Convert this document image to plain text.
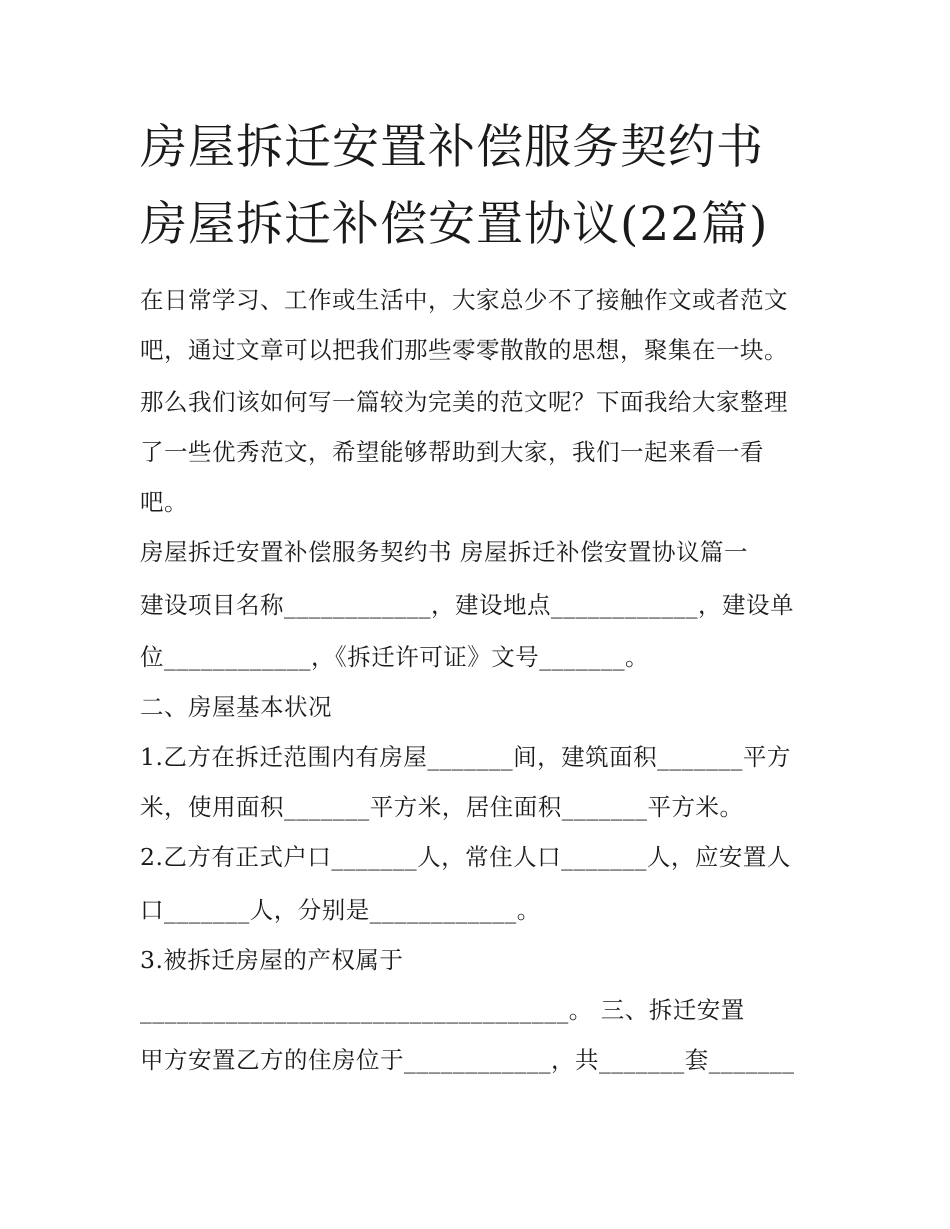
房屋拆迁安置补偿服务契约书
房屋拆迁补偿安置协议(22篇)
在日常学习、工作或生活中，大家总少不了接触作文或者范文
吧，通过文章可以把我们那些零零散散的思想，聚集在一块。
那么我们该如何写一篇较为完美的范文呢？下面我给大家整理
了一些优秀范文，希望能够帮助到大家，我们一起来看一看
吧。
房屋拆迁安置补偿服务契约书 房屋拆迁补偿安置协议篇一
建设项目名称____________，建设地点____________，建设单
位____________，《拆迁许可证》文号_______。
二、房屋基本状况
1.乙方在拆迁范围内有房屋_______间，建筑面积_______平方
米，使用面积_______平方米，居住面积_______平方米。
2.乙方有正式户口_______人，常住人口_______人，应安置人
口_______人，分别是____________。
3.被拆迁房屋的产权属于
___________________________________。 三、拆迁安置
甲方安置乙方的住房位于____________，共_______套_______
